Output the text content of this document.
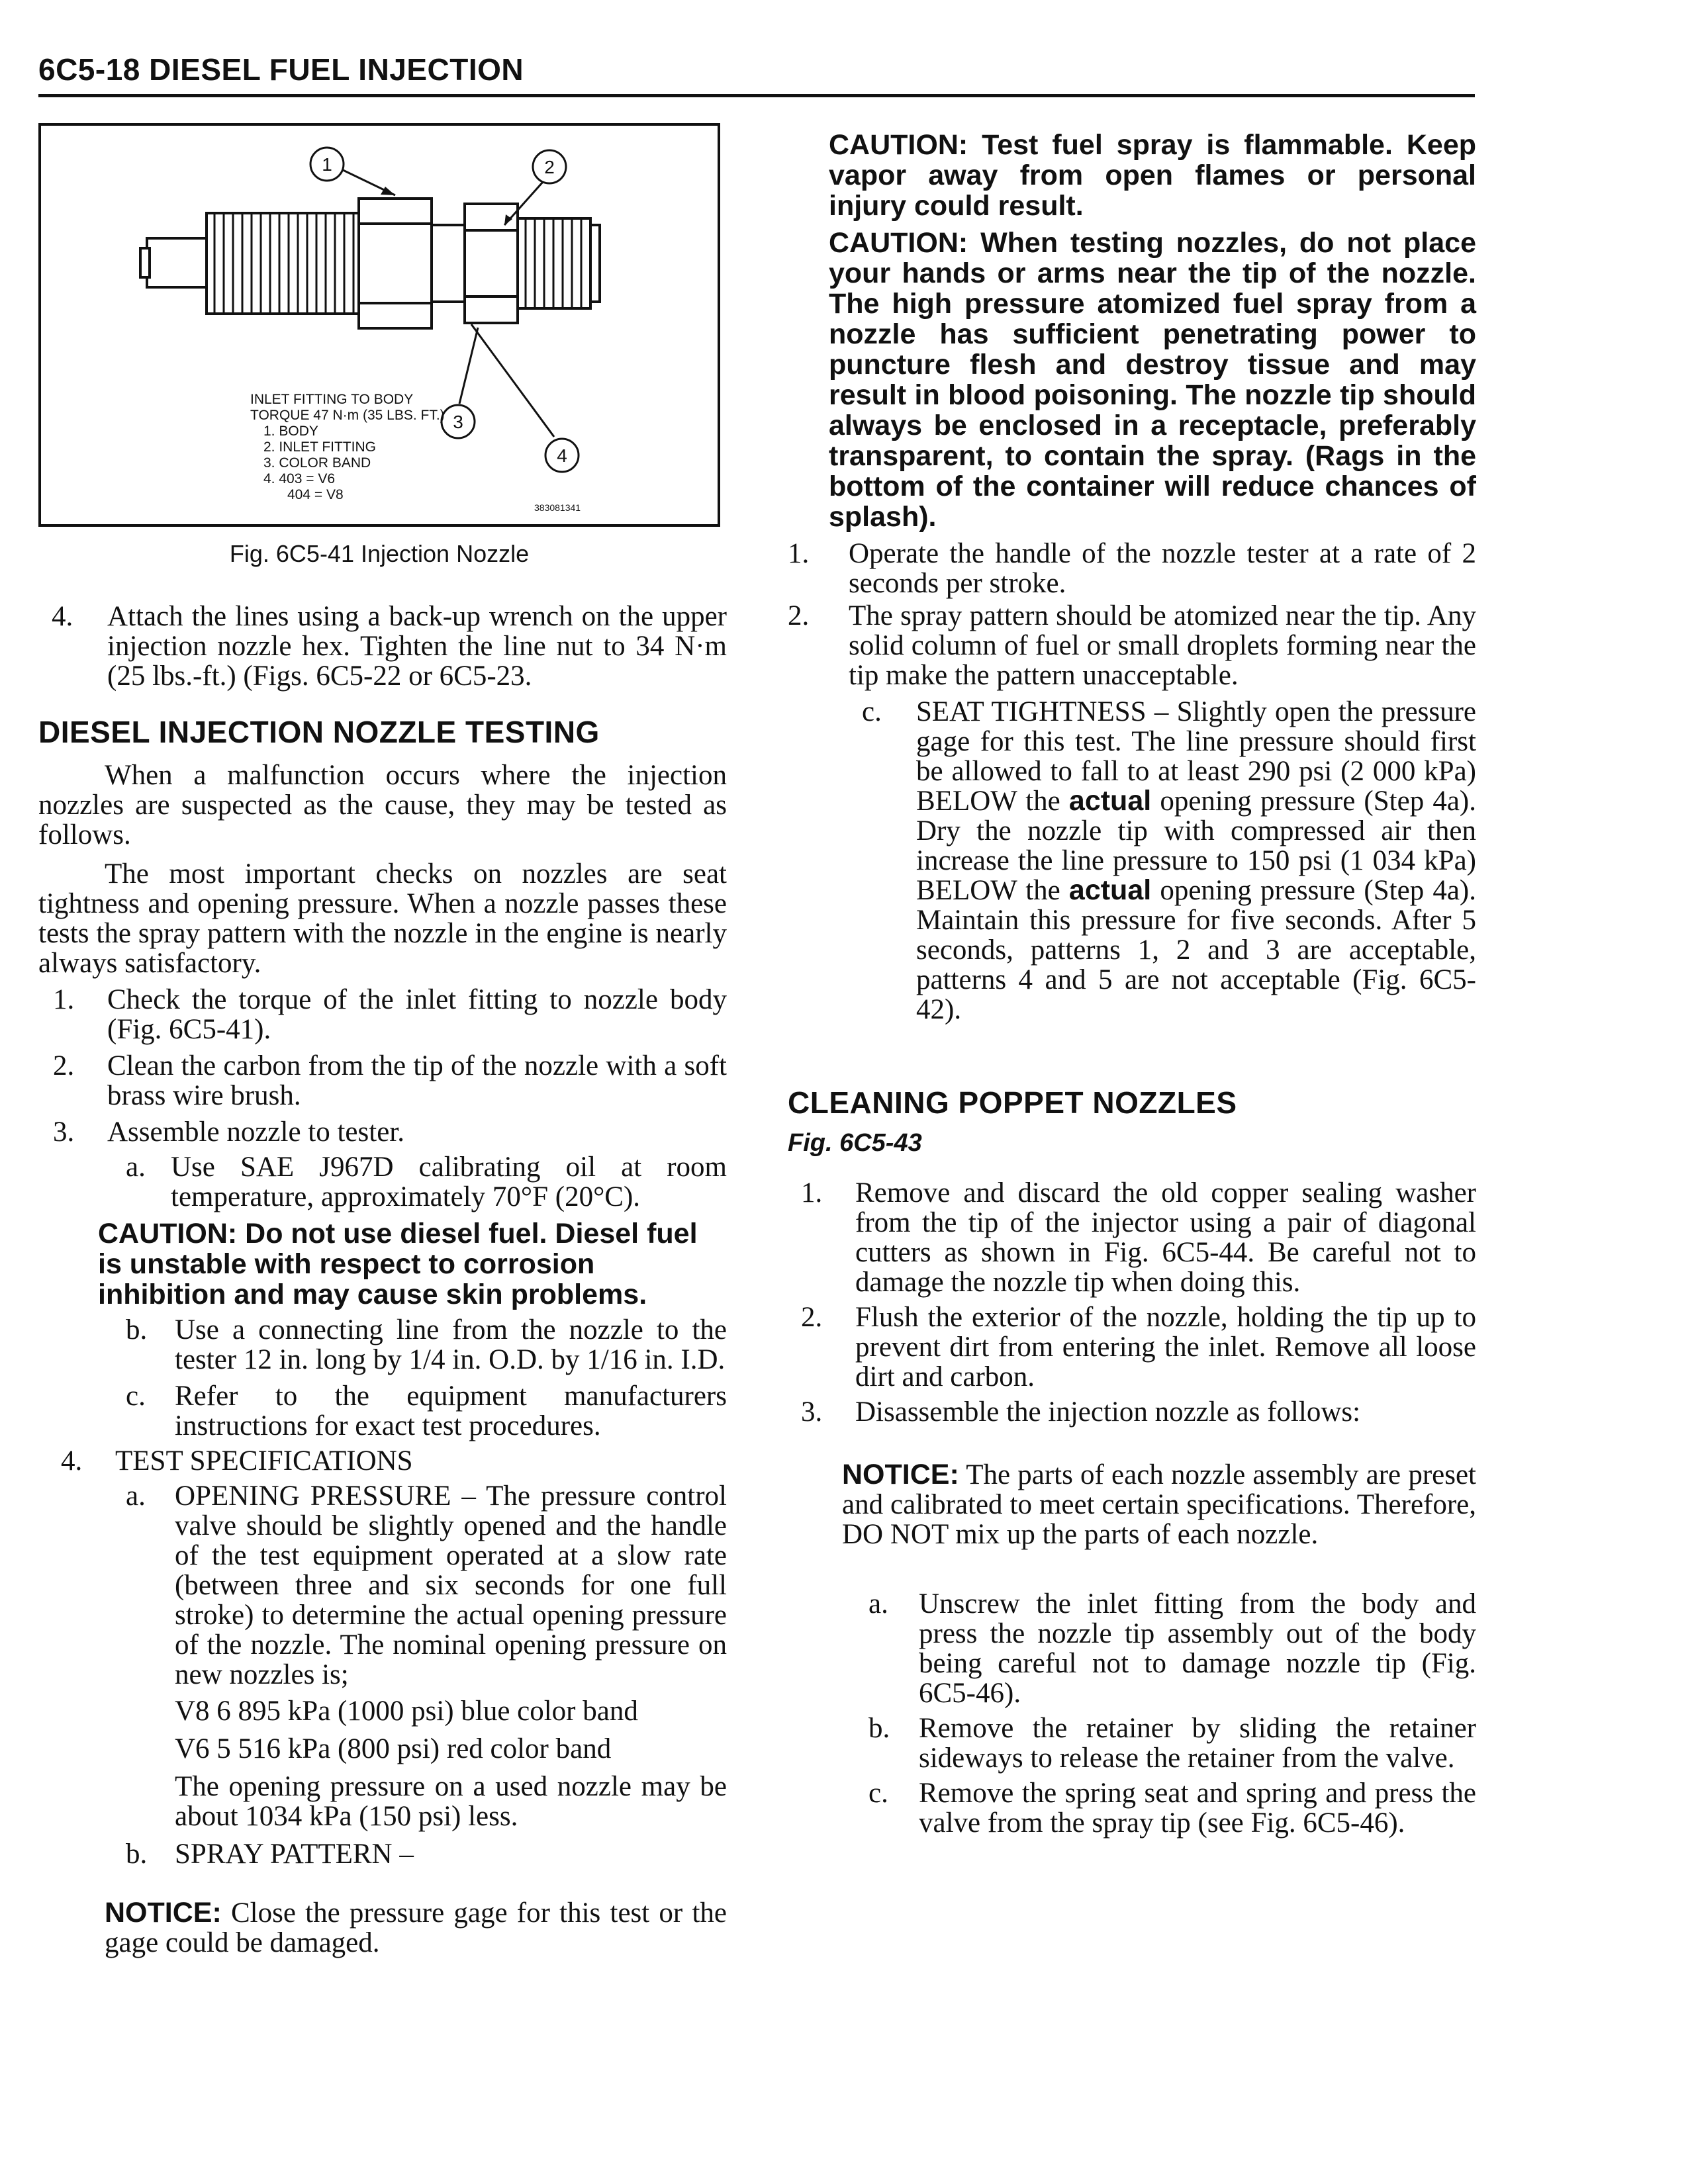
6C5-18 DIESEL FUEL INJECTION
1	2
3
4
INLET FITTING TO BODY
TORQUE 47 N·m (35 LBS. FT.)
1. BODY
2. INLET FITTING
3. COLOR BAND
4. 403 = V6
404 = V8
383081341
Fig. 6C5-41 Injection Nozzle
4.	Attach the lines using a back-up wrench on the upper injection nozzle hex. Tighten the line nut to 34 N·m (25 lbs.-ft.) (Figs. 6C5-22 or 6C5-23.
DIESEL INJECTION NOZZLE TESTING

When a malfunction occurs where the injection nozzles are suspected as the cause, they may be tested as follows.

The most important checks on nozzles are seat tightness and opening pressure. When a nozzle passes these tests the spray pattern with the nozzle in the engine is nearly always satisfactory.

1.	Check the torque of the inlet fitting to nozzle body (Fig. 6C5-41).
2.	Clean the carbon from the tip of the nozzle with a soft brass wire brush.
3.	Assemble nozzle to tester.
a. Use SAE J967D calibrating oil at room temperature, approximately 70°F (20°C).

CAUTION: Do not use diesel fuel. Diesel fuel is unstable with respect to corrosion inhibition and may cause skin problems.

b. Use a connecting line from the nozzle to the tester 12 in. long by 1/4 in. O.D. by 1/16 in. I.D.
c.	Refer to the equipment manufacturers instructions for exact test procedures.
4.	TEST SPECIFICATIONS
a.	OPENING PRESSURE – The pressure control valve should be slightly opened and the handle of the test equipment operated at a slow rate (between three and six seconds for one full stroke) to determine the actual opening pressure of the nozzle. The nominal opening pressure on new nozzles is;

V8 6 895 kPa (1000 psi) blue color band

V6 5 516 kPa (800 psi) red color band

The opening pressure on a used nozzle may be about 1034 kPa (150 psi) less.

b. SPRAY PATTERN –

NOTICE: Close the pressure gage for this test or the gage could be damaged.

CAUTION: Test fuel spray is flammable. Keep vapor away from open flames or personal injury could result.

CAUTION: When testing nozzles, do not place your hands or arms near the tip of the nozzle. The high pressure atomized fuel spray from a nozzle has sufficient penetrating power to puncture flesh and destroy tissue and may result in blood poisoning. The nozzle tip should always be enclosed in a receptacle, preferably transparent, to contain the spray. (Rags in the bottom of the container will reduce chances of splash).

1.	Operate the handle of the nozzle tester at a rate of 2 seconds per stroke.
2.	The spray pattern should be atomized near the tip. Any solid column of fuel or small droplets forming near the tip make the pattern unacceptable.
c.	SEAT TIGHTNESS – Slightly open the pressure gage for this test. The line pressure should first be allowed to fall to at least 290 psi (2 000 kPa) BELOW the actual opening pressure (Step 4a). Dry the nozzle tip with compressed air then increase the line pressure to 150 psi (1 034 kPa) BELOW the actual opening pressure (Step 4a). Maintain this pressure for five seconds. After 5 seconds, patterns 1, 2 and 3 are acceptable, patterns 4 and 5 are not acceptable (Fig. 6C5-42).
CLEANING POPPET NOZZLES
Fig. 6C5-43
1.	Remove and discard the old copper sealing washer from the tip of the injector using a pair of diagonal cutters as shown in Fig. 6C5-44. Be careful not to damage the nozzle tip when doing this.
2.	Flush the exterior of the nozzle, holding the tip up to prevent dirt from entering the inlet. Remove all loose dirt and carbon.
3.	Disassemble the injection nozzle as follows:

NOTICE: The parts of each nozzle assembly are preset and calibrated to meet certain specifications. Therefore, DO NOT mix up the parts of each nozzle.

a.	Unscrew the inlet fitting from the body and press the nozzle tip assembly out of the body being careful not to damage nozzle tip (Fig. 6C5-46).
b.	Remove the retainer by sliding the retainer sideways to release the retainer from the valve.
c.	Remove the spring seat and spring and press the valve from the spray tip (see Fig. 6C5-46).
